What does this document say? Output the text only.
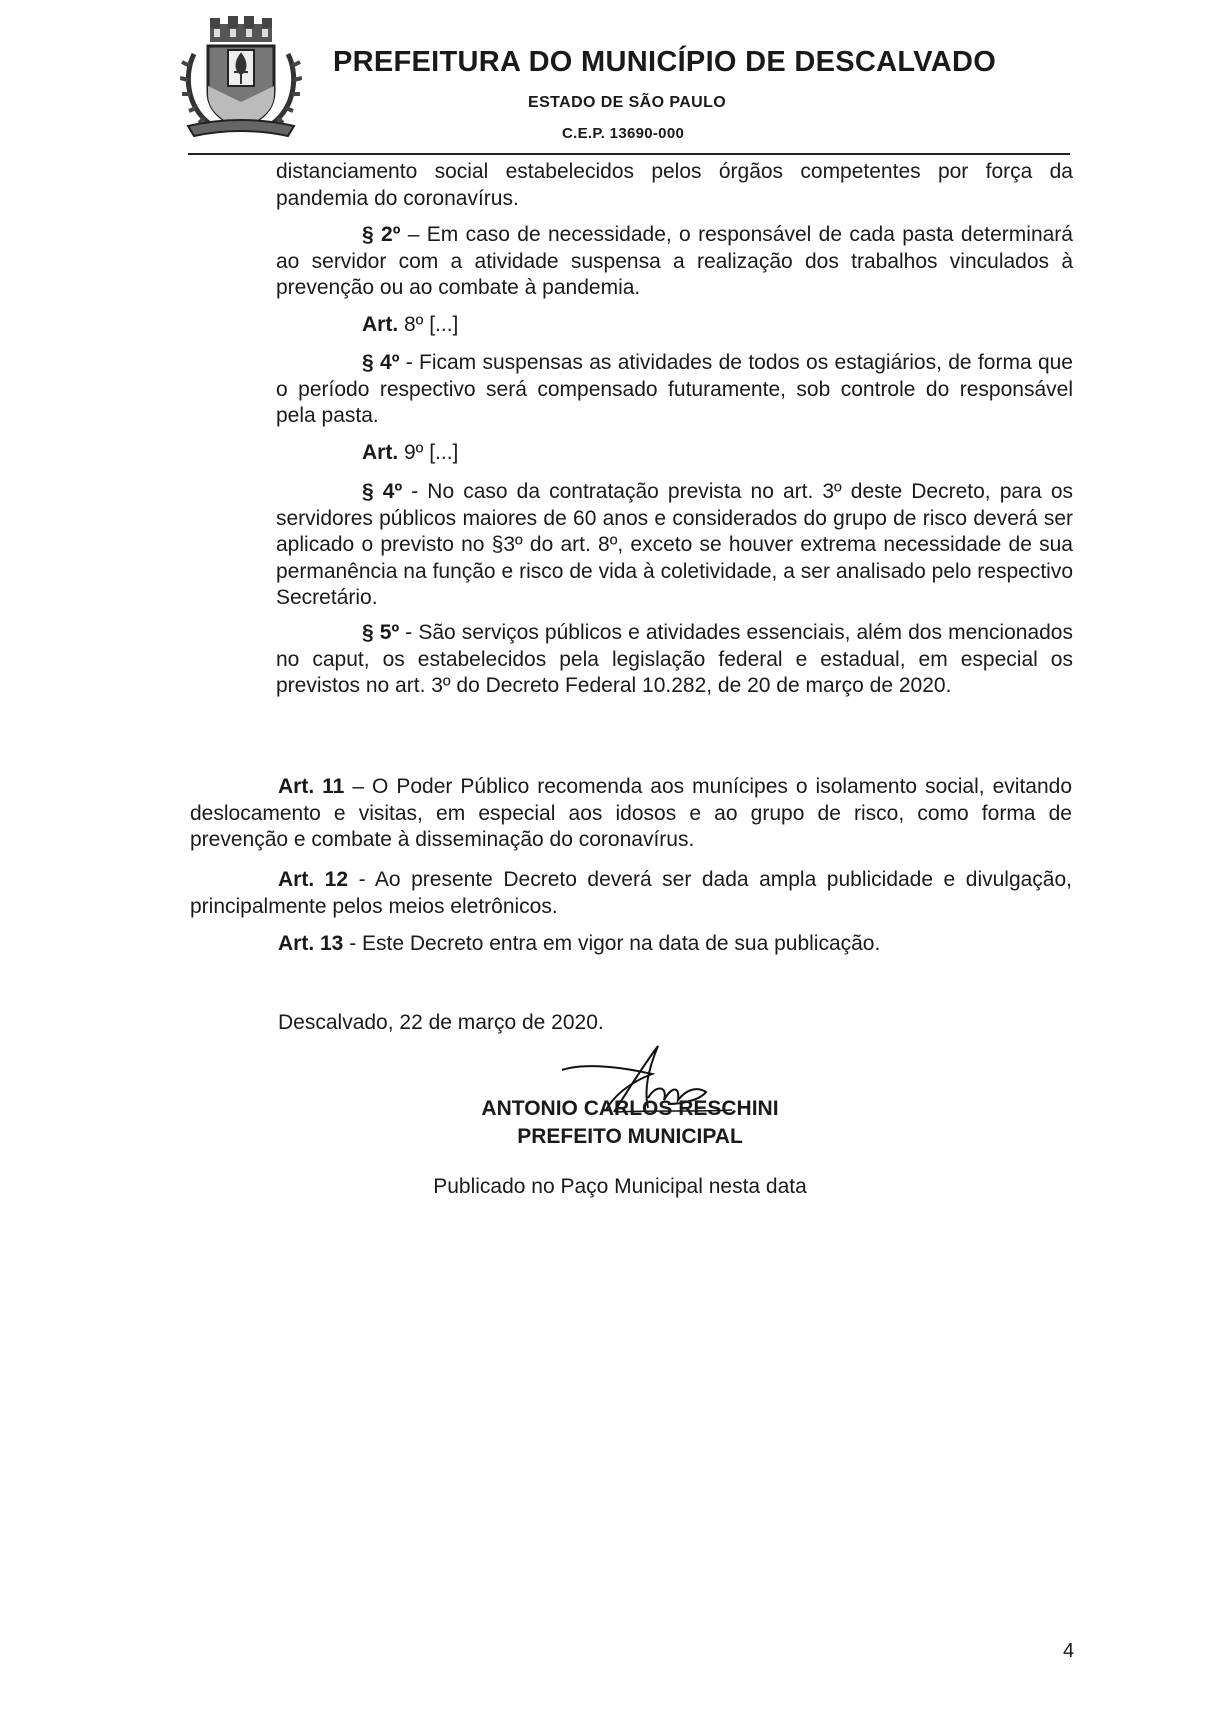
PREFEITURA DO MUNICÍPIO DE DESCALVADO
ESTADO DE SÃO PAULO
C.E.P. 13690-000
distanciamento social estabelecidos pelos órgãos competentes por força da pandemia do coronavírus.
§ 2º – Em caso de necessidade, o responsável de cada pasta determinará ao servidor com a atividade suspensa a realização dos trabalhos vinculados à prevenção ou ao combate à pandemia.
Art. 8º [...]
§ 4º - Ficam suspensas as atividades de todos os estagiários, de forma que o período respectivo será compensado futuramente, sob controle do responsável pela pasta.
Art. 9º [...]
§ 4º - No caso da contratação prevista no art. 3º deste Decreto, para os servidores públicos maiores de 60 anos e considerados do grupo de risco deverá ser aplicado o previsto no §3º do art. 8º, exceto se houver extrema necessidade de sua permanência na função e risco de vida à coletividade, a ser analisado pelo respectivo Secretário.
§ 5º - São serviços públicos e atividades essenciais, além dos mencionados no caput, os estabelecidos pela legislação federal e estadual, em especial os previstos no art. 3º do Decreto Federal 10.282, de 20 de março de 2020.
Art. 11 – O Poder Público recomenda aos munícipes o isolamento social, evitando deslocamento e visitas, em especial aos idosos e ao grupo de risco, como forma de prevenção e combate à disseminação do coronavírus.
Art. 12 - Ao presente Decreto deverá ser dada ampla publicidade e divulgação, principalmente pelos meios eletrônicos.
Art. 13 - Este Decreto entra em vigor na data de sua publicação.
Descalvado, 22 de março de 2020.
ANTONIO CARLOS RESCHINI
PREFEITO MUNICIPAL
Publicado no Paço Municipal nesta data
4
